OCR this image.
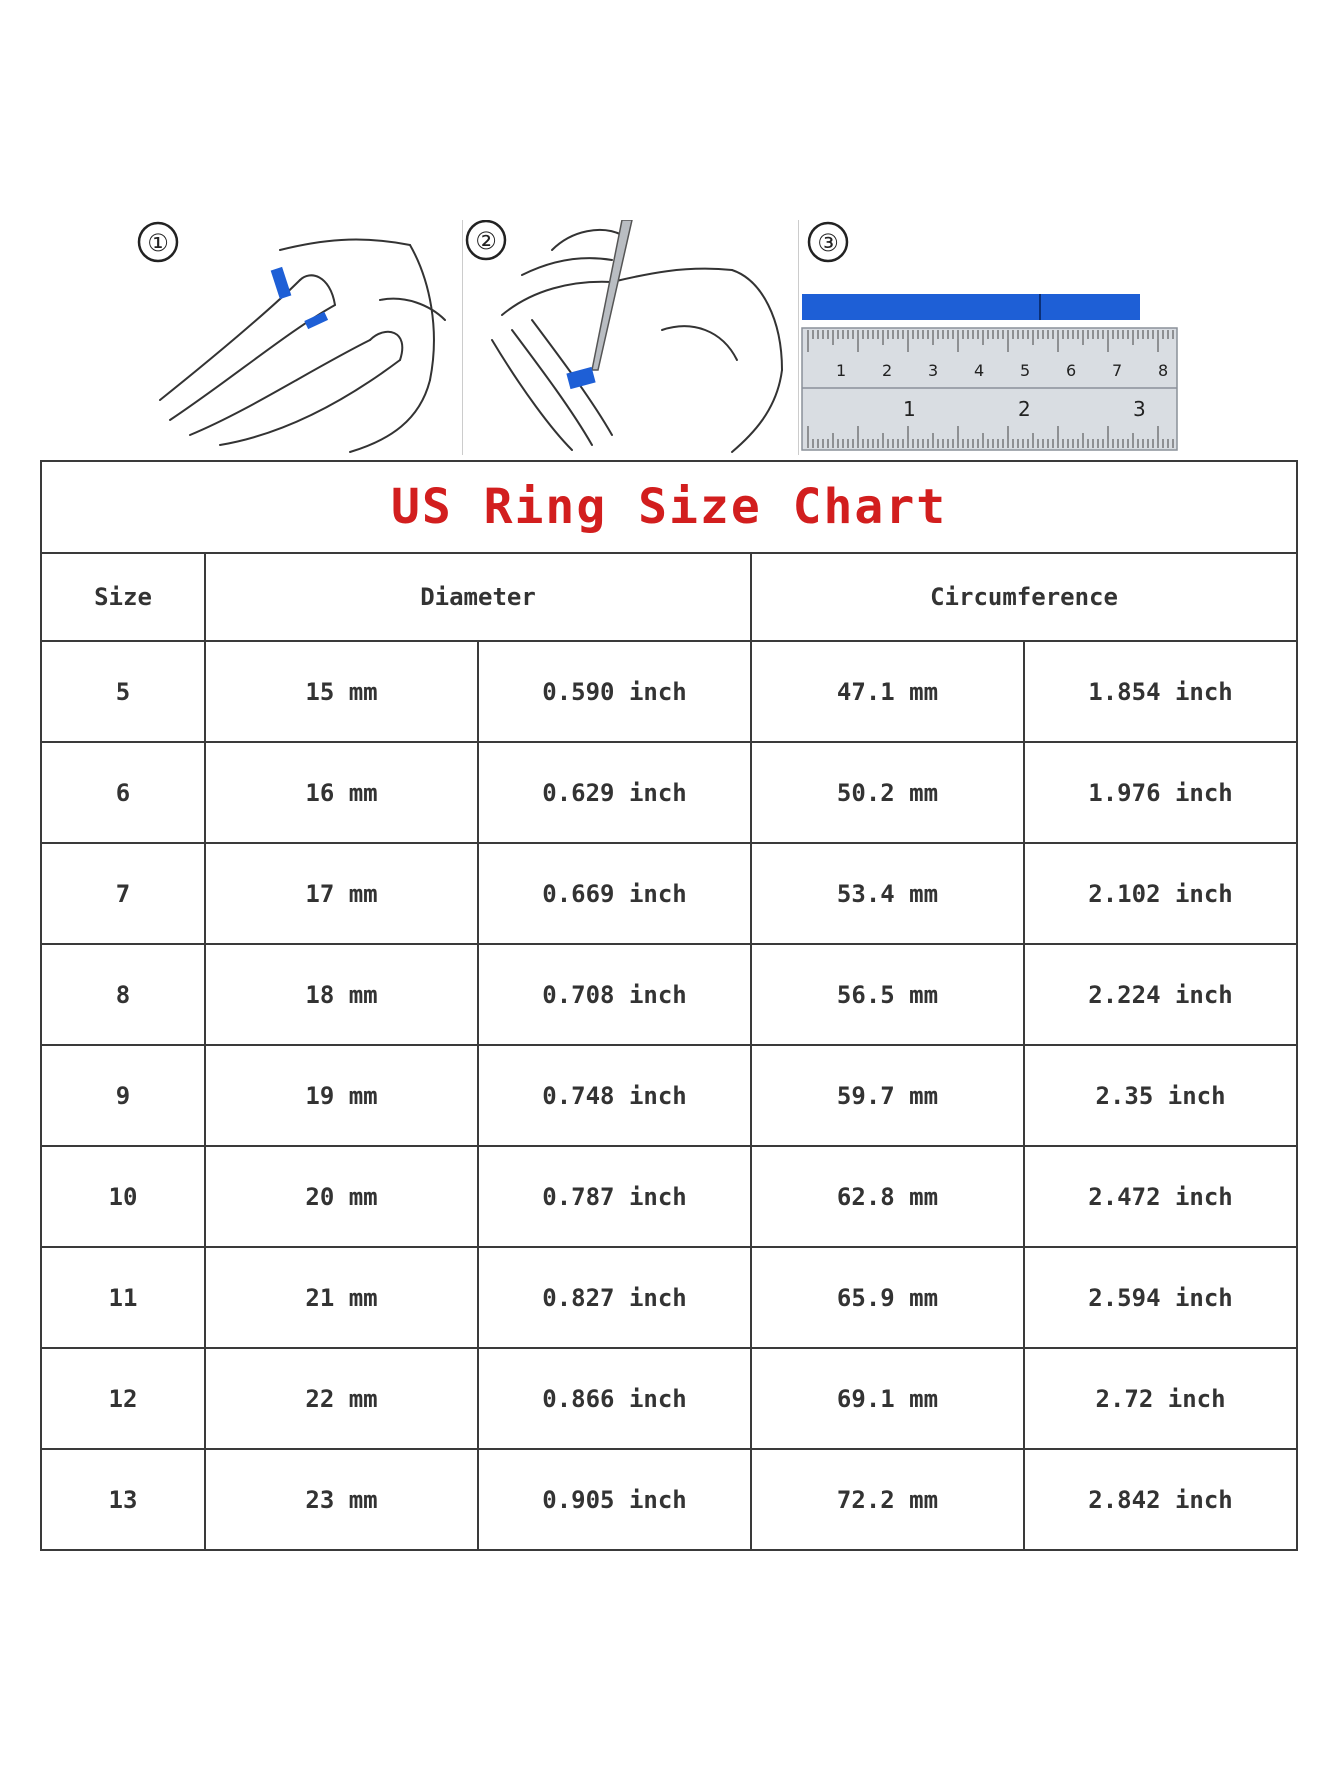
①	②	③
1 2 3 4 5 6 7 8
1	2	3
US Ring Size Chart				
Size	Diameter		Circumference	
5	15 mm	0.590 inch	47.1 mm	1.854 inch
6	16 mm	0.629 inch	50.2 mm	1.976 inch
7	17 mm	0.669 inch	53.4 mm	2.102 inch
8	18 mm	0.708 inch	56.5 mm	2.224 inch
9	19 mm	0.748 inch	59.7 mm	2.35 inch
10	20 mm	0.787 inch	62.8 mm	2.472 inch
11	21 mm	0.827 inch	65.9 mm	2.594 inch
12	22 mm	0.866 inch	69.1 mm	2.72 inch
13	23 mm	0.905 inch	72.2 mm	2.842 inch
